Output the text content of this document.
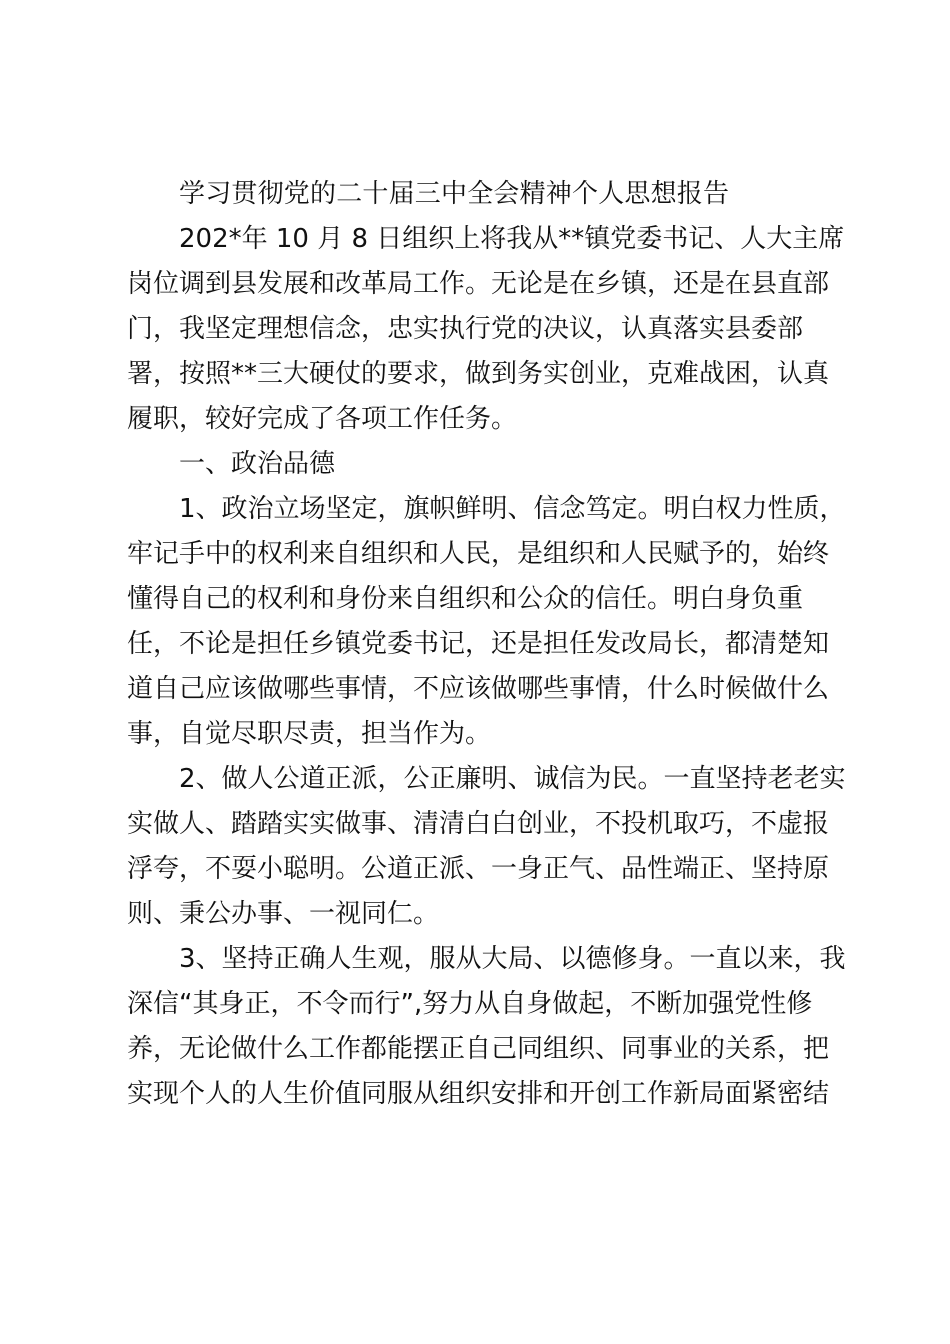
学习贯彻党的二十届三中全会精神个人思想报告

202*年 10 月 8 日组织上将我从**镇党委书记、人大主席

岗位调到县发展和改革局工作。无论是在乡镇，还是在县直部

门，我坚定理想信念，忠实执行党的决议，认真落实县委部

署，按照**三大硬仗的要求，做到务实创业，克难战困，认真

履职，较好完成了各项工作任务。

一、政治品德

1、政治立场坚定，旗帜鲜明、信念笃定。明白权力性质，

牢记手中的权利来自组织和人民，是组织和人民赋予的，始终

懂得自己的权利和身份来自组织和公众的信任。明白身负重

任，不论是担任乡镇党委书记，还是担任发改局长，都清楚知

道自己应该做哪些事情，不应该做哪些事情，什么时候做什么

事，自觉尽职尽责，担当作为。

2、做人公道正派，公正廉明、诚信为民。一直坚持老老实

实做人、踏踏实实做事、清清白白创业，不投机取巧，不虚报

浮夸，不耍小聪明。公道正派、一身正气、品性端正、坚持原

则、秉公办事、一视同仁。

3、坚持正确人生观，服从大局、以德修身。一直以来，我

深信“其身正，不令而行”,努力从自身做起，不断加强党性修

养，无论做什么工作都能摆正自己同组织、同事业的关系，把

实现个人的人生价值同服从组织安排和开创工作新局面紧密结
